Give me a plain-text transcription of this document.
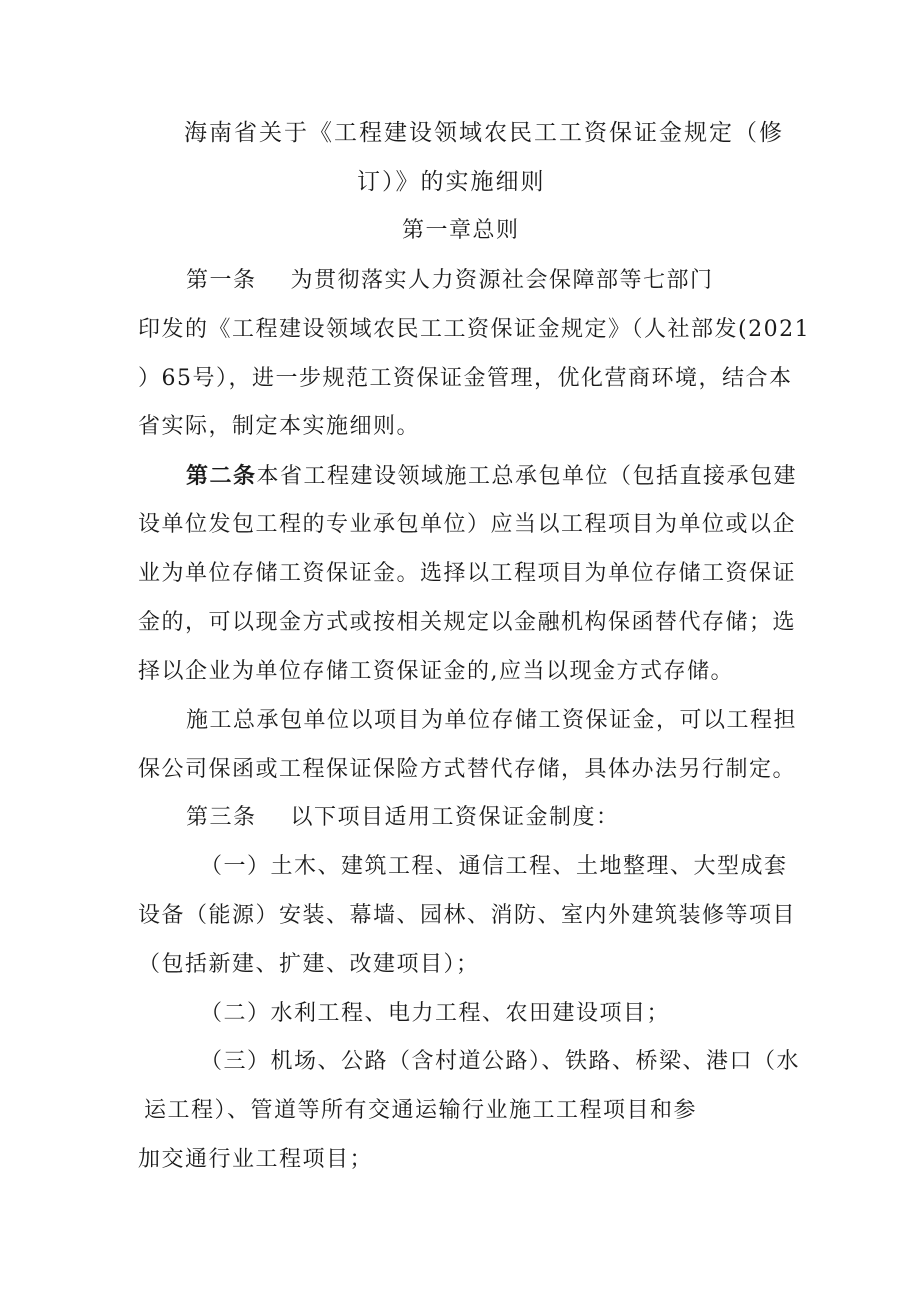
海南省关于《工程建设领域农民工工资保证金规定（修
订）》的实施细则
第一章总则
第一条 为贯彻落实人力资源社会保障部等七部门
印发的《工程建设领域农民工工资保证金规定》（人社部发(2021
）65号），进一步规范工资保证金管理，优化营商环境，结合本
省实际，制定本实施细则。
第二条本省工程建设领域施工总承包单位（包括直接承包建
设单位发包工程的专业承包单位）应当以工程项目为单位或以企
业为单位存储工资保证金。选择以工程项目为单位存储工资保证
金的，可以现金方式或按相关规定以金融机构保函替代存储；选
择以企业为单位存储工资保证金的,应当以现金方式存储。
施工总承包单位以项目为单位存储工资保证金，可以工程担
保公司保函或工程保证保险方式替代存储，具体办法另行制定。
第三条 以下项目适用工资保证金制度：
（一）土木、建筑工程、通信工程、土地整理、大型成套
设备（能源）安装、幕墙、园林、消防、室内外建筑装修等项目
（包括新建、扩建、改建项目）；
（二）水利工程、电力工程、农田建设项目；
（三）机场、公路（含村道公路）、铁路、桥梁、港口（水
运工程）、管道等所有交通运输行业施工工程项目和参
加交通行业工程项目；
